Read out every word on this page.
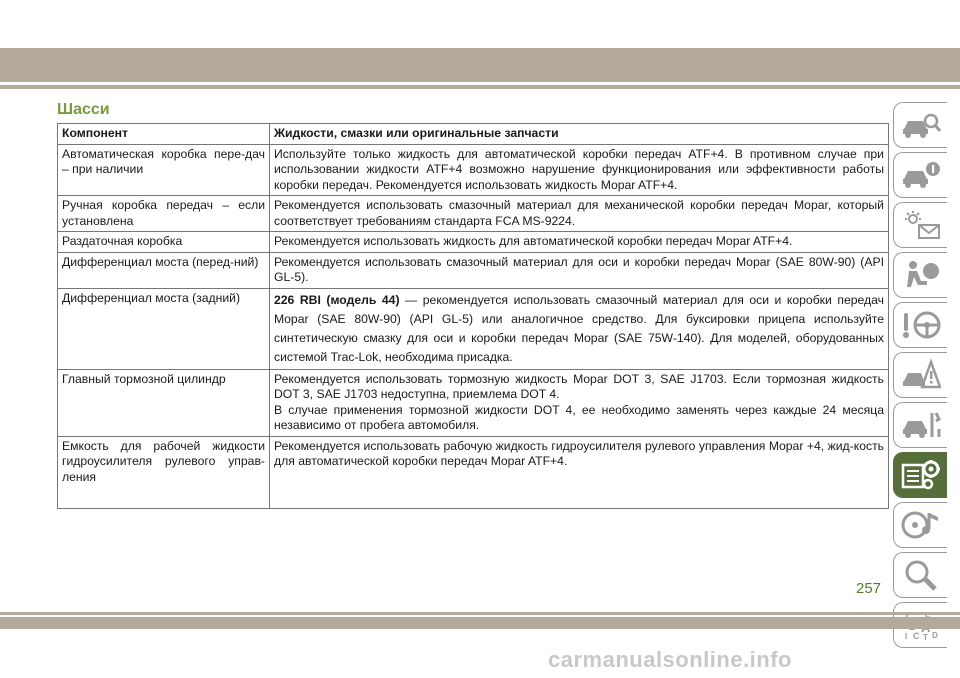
Шасси
Компонент	Жидкости, смазки или оригинальные запчасти
Автоматическая коробка пере-дач – при наличии	Используйте только жидкость для автоматической коробки передач ATF+4. В противном случае при использовании жидкости ATF+4 возможно нарушение функционирования или эффективности работы коробки передач. Рекомендуется использовать жидкость Mopar ATF+4.
Ручная коробка передач – если установлена	Рекомендуется использовать смазочный материал для механической коробки передач Mopar, который соответствует требованиям стандарта FCA MS-9224.
Раздаточная коробка	Рекомендуется использовать жидкость для автоматической коробки передач Mopar ATF+4.
Дифференциал моста (перед-ний)	Рекомендуется использовать смазочный материал для оси и коробки передач Mopar (SAE 80W-90) (API GL-5).
Дифференциал моста (задний)	226 RBI (модель 44) — рекомендуется использовать смазочный материал для оси и коробки передач Mopar (SAE 80W-90) (API GL-5) или аналогичное средство. Для буксировки прицепа используйте синтетическую смазку для оси и коробки передач Mopar (SAE 75W-140). Для моделей, оборудованных системой Trac-Lok, необходима присадка.
Главный тормозной цилиндр	Рекомендуется использовать тормозную жидкость Mopar DOT 3, SAE J1703. Если тормозная жидкость DOT 3, SAE J1703 недоступна, приемлема DOT 4.
В случае применения тормозной жидкости DOT 4, ее необходимо заменять через каждые 24 месяца независимо от пробега автомобиля.

Емкость для рабочей жидкости гидроусилителя рулевого управ-ления	Рекомендуется использовать рабочую жидкость гидроусилителя рулевого управления Mopar +4, жид-кость для автоматической коробки передач Mopar ATF+4.
I C T D
257
carmanualsonline.info
